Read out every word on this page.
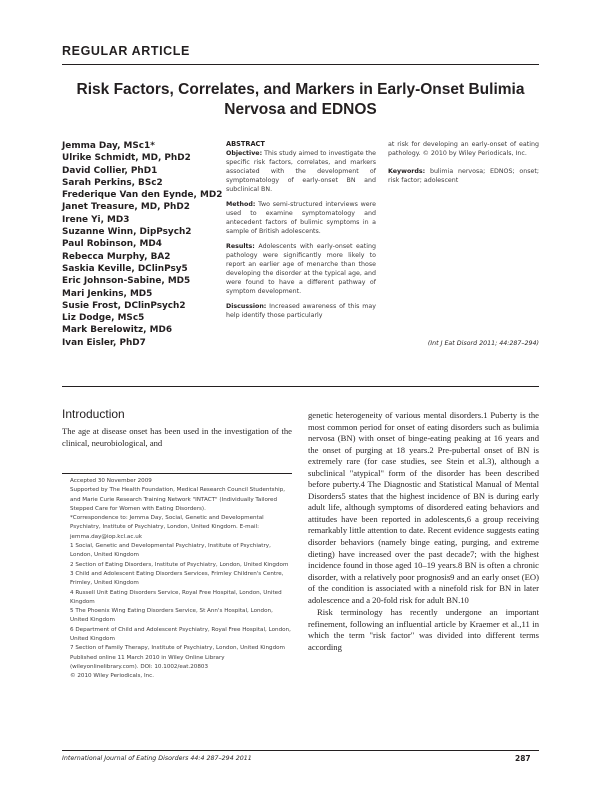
REGULAR ARTICLE
Risk Factors, Correlates, and Markers in Early-Onset Bulimia Nervosa and EDNOS
Jemma Day, MSc1*
Ulrike Schmidt, MD, PhD2
David Collier, PhD1
Sarah Perkins, BSc2
Frederique Van den Eynde, MD2
Janet Treasure, MD, PhD2
Irene Yi, MD3
Suzanne Winn, DipPsych2
Paul Robinson, MD4
Rebecca Murphy, BA2
Saskia Keville, DClinPsy5
Eric Johnson-Sabine, MD5
Mari Jenkins, MD5
Susie Frost, DClinPsych2
Liz Dodge, MSc5
Mark Berelowitz, MD6
Ivan Eisler, PhD7

ABSTRACT
Objective: This study aimed to investigate the specific risk factors, correlates, and markers associated with the development of symptomatology of early-onset BN and subclinical BN.

Method: Two semi-structured interviews were used to examine symptomatology and antecedent factors of bulimic symptoms in a sample of British adolescents.

Results: Adolescents with early-onset eating pathology were significantly more likely to report an earlier age of menarche than those developing the disorder at the typical age, and were found to have a different pathway of symptom development.

Discussion: Increased awareness of this may help identify those particularly

at risk for developing an early-onset of eating pathology. © 2010 by Wiley Periodicals, Inc.

Keywords: bulimia nervosa; EDNOS; onset; risk factor; adolescent

(Int J Eat Disord 2011; 44:287–294)
Introduction

The age at disease onset has been used in the investigation of the clinical, neurobiological, and

Accepted 30 November 2009
Supported by The Health Foundation, Medical Research Council Studentship, and Marie Curie Research Training Network "INTACT" (Individually Tailored Stepped Care for Women with Eating Disorders).
*Correspondence to: Jemma Day, Social, Genetic and Developmental Psychiatry, Institute of Psychiatry, London, United Kingdom. E-mail: jemma.day@iop.kcl.ac.uk
1 Social, Genetic and Developmental Psychiatry, Institute of Psychiatry, London, United Kingdom
2 Section of Eating Disorders, Institute of Psychiatry, London, United Kingdom
3 Child and Adolescent Eating Disorders Services, Frimley Children's Centre, Frimley, United Kingdom
4 Russell Unit Eating Disorders Service, Royal Free Hospital, London, United Kingdom
5 The Phoenix Wing Eating Disorders Service, St Ann's Hospital, London, United Kingdom
6 Department of Child and Adolescent Psychiatry, Royal Free Hospital, London, United Kingdom
7 Section of Family Therapy, Institute of Psychiatry, London, United Kingdom
Published online 11 March 2010 in Wiley Online Library (wileyonlinelibrary.com). DOI: 10.1002/eat.20803
© 2010 Wiley Periodicals, Inc.

genetic heterogeneity of various mental disorders.1 Puberty is the most common period for onset of eating disorders such as bulimia nervosa (BN) with onset of binge-eating peaking at 16 years and the onset of purging at 18 years.2 Pre-pubertal onset of BN is extremely rare (for case studies, see Stein et al.3), although a subclinical "atypical" form of the disorder has been described before puberty.4 The Diagnostic and Statistical Manual of Mental Disorders5 states that the highest incidence of BN is during early adult life, although symptoms of disordered eating behaviors and attitudes have been reported in adolescents,6 a group receiving remarkably little attention to date. Recent evidence suggests eating disorder behaviors (namely binge eating, purging, and extreme dieting) have increased over the past decade7; with the highest incidence found in those aged 10–19 years.8 BN is often a chronic disorder, with a relatively poor prognosis9 and an early onset (EO) of the condition is associated with a ninefold risk for BN in later adolescence and a 20-fold risk for adult BN.10

Risk terminology has recently undergone an important refinement, following an influential article by Kraemer et al.,11 in which the term "risk factor" was divided into different terms according

International Journal of Eating Disorders 44:4 287–294 2011	287
